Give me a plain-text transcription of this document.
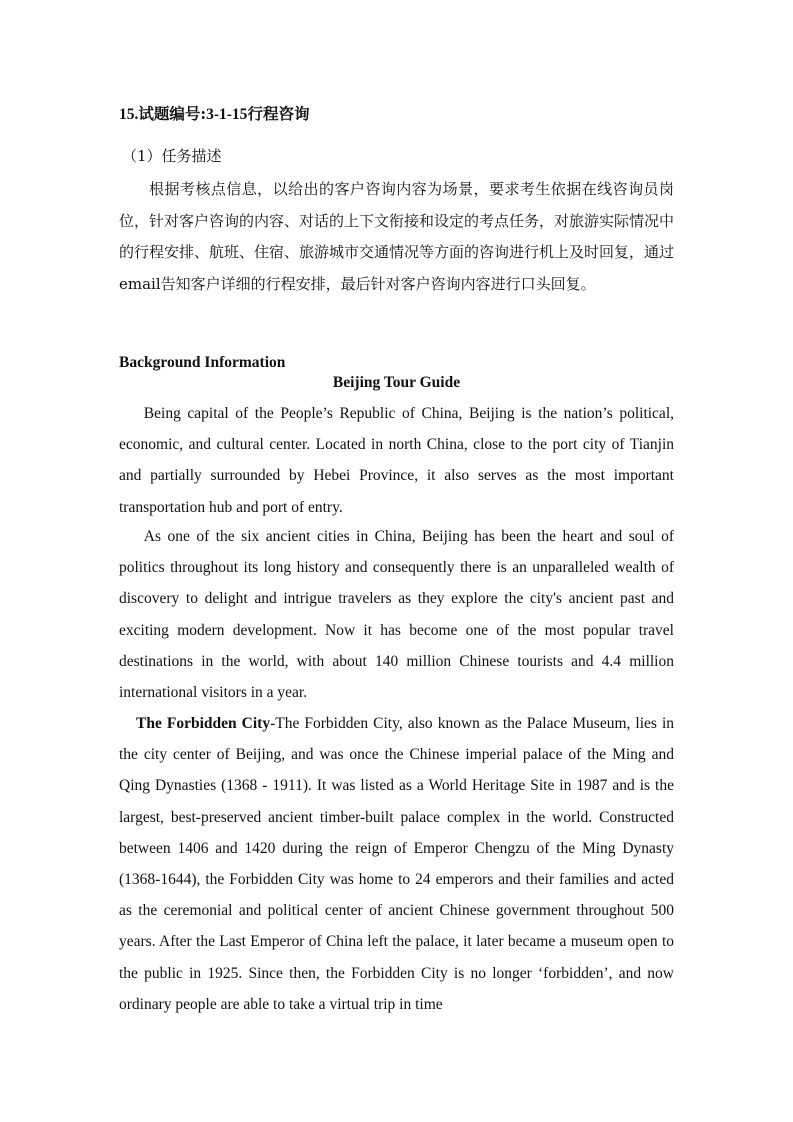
15.试题编号:3-1-15行程咨询
（1）任务描述

根据考核点信息，以给出的客户咨询内容为场景，要求考生依据在线咨询员岗位，针对客户咨询的内容、对话的上下文衔接和设定的考点任务，对旅游实际情况中的行程安排、航班、住宿、旅游城市交通情况等方面的咨询进行机上及时回复，通过email告知客户详细的行程安排，最后针对客户咨询内容进行口头回复。

Background Information
Beijing Tour Guide

Being capital of the People’s Republic of China, Beijing is the nation’s political, economic, and cultural center. Located in north China, close to the port city of Tianjin and partially surrounded by Hebei Province, it also serves as the most important transportation hub and port of entry.

As one of the six ancient cities in China, Beijing has been the heart and soul of politics throughout its long history and consequently there is an unparalleled wealth of discovery to delight and intrigue travelers as they explore the city's ancient past and exciting modern development. Now it has become one of the most popular travel destinations in the world, with about 140 million Chinese tourists and 4.4 million international visitors in a year.

The Forbidden City-The Forbidden City, also known as the Palace Museum, lies in the city center of Beijing, and was once the Chinese imperial palace of the Ming and Qing Dynasties (1368 - 1911). It was listed as a World Heritage Site in 1987 and is the largest, best-preserved ancient timber-built palace complex in the world. Constructed between 1406 and 1420 during the reign of Emperor Chengzu of the Ming Dynasty (1368-1644), the Forbidden City was home to 24 emperors and their families and acted as the ceremonial and political center of ancient Chinese government throughout 500 years. After the Last Emperor of China left the palace, it later became a museum open to the public in 1925. Since then, the Forbidden City is no longer ‘forbidden’, and now ordinary people are able to take a virtual trip in time
